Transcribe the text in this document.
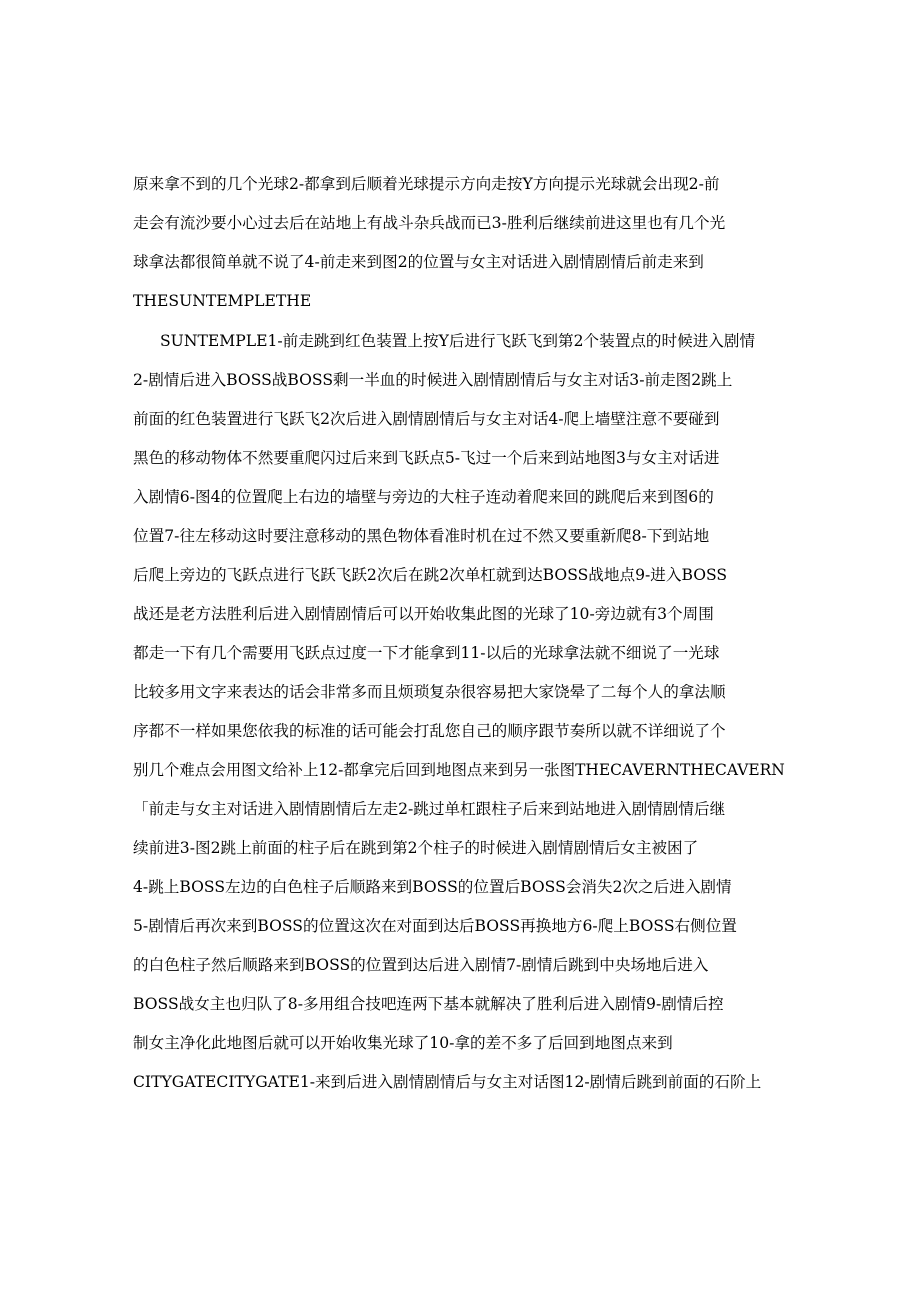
原来拿不到的几个光球2-都拿到后顺着光球提示方向走按Y方向提示光球就会出现2-前
走会有流沙要小心过去后在站地上有战斗杂兵战而已3-胜利后继续前进这里也有几个光
球拿法都很简单就不说了4-前走来到图2的位置与女主对话进入剧情剧情后前走来到
THESUNTEMPLETHE
SUNTEMPLE1-前走跳到红色装置上按Y后进行飞跃飞到第2个装置点的时候进入剧情
2-剧情后进入BOSS战BOSS剩一半血的时候进入剧情剧情后与女主对话3-前走图2跳上
前面的红色装置进行飞跃飞2次后进入剧情剧情后与女主对话4-爬上墙壁注意不要碰到
黑色的移动物体不然要重爬闪过后来到飞跃点5-飞过一个后来到站地图3与女主对话进
入剧情6-图4的位置爬上右边的墙壁与旁边的大柱子连动着爬来回的跳爬后来到图6的
位置7-往左移动这时要注意移动的黑色物体看准时机在过不然又要重新爬8-下到站地
后爬上旁边的飞跃点进行飞跃飞跃2次后在跳2次单杠就到达BOSS战地点9-进入BOSS
战还是老方法胜利后进入剧情剧情后可以开始收集此图的光球了10-旁边就有3个周围
都走一下有几个需要用飞跃点过度一下才能拿到11-以后的光球拿法就不细说了一光球
比较多用文字来表达的话会非常多而且烦琐复杂很容易把大家饶晕了二每个人的拿法顺
序都不一样如果您依我的标准的话可能会打乱您自己的顺序跟节奏所以就不详细说了个
别几个难点会用图文给补上12-都拿完后回到地图点来到另一张图THECAVERNTHECAVERN
「前走与女主对话进入剧情剧情后左走2-跳过单杠跟柱子后来到站地进入剧情剧情后继
续前进3-图2跳上前面的柱子后在跳到第2个柱子的时候进入剧情剧情后女主被困了
4-跳上BOSS左边的白色柱子后顺路来到BOSS的位置后BOSS会消失2次之后进入剧情
5-剧情后再次来到BOSS的位置这次在对面到达后BOSS再换地方6-爬上BOSS右侧位置
的白色柱子然后顺路来到BOSS的位置到达后进入剧情7-剧情后跳到中央场地后进入
BOSS战女主也归队了8-多用组合技吧连两下基本就解决了胜利后进入剧情9-剧情后控
制女主净化此地图后就可以开始收集光球了10-拿的差不多了后回到地图点来到
CITYGATECITYGATE1-来到后进入剧情剧情后与女主对话图12-剧情后跳到前面的石阶上
